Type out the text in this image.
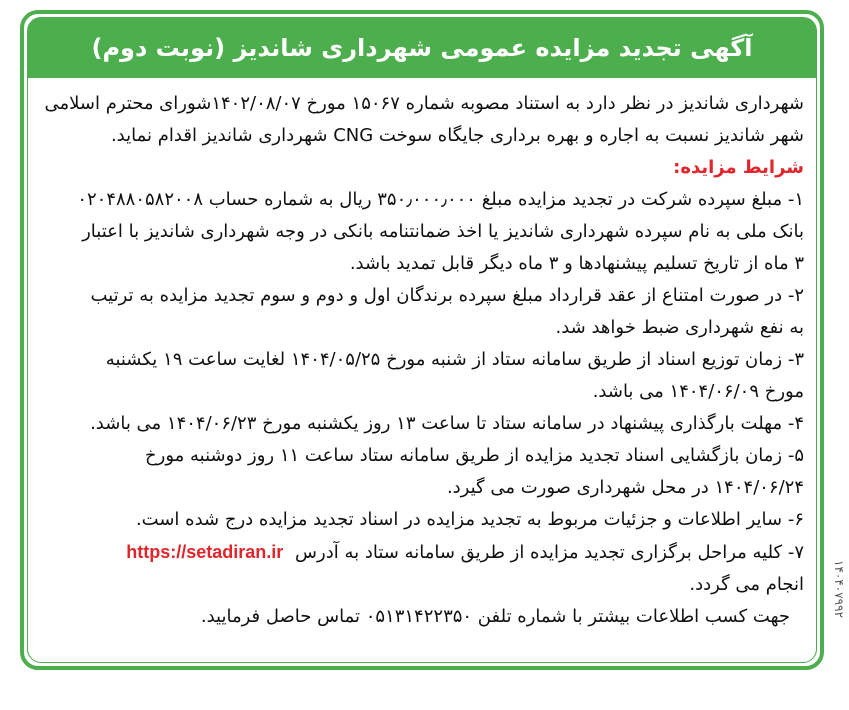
آگهی تجدید مزایده عمومی شهرداری شاندیز (نوبت دوم)
شهرداری شاندیز در نظر دارد به استناد مصوبه شماره ۱۵۰۶۷ مورخ ۱۴۰۲/۰۸/۰۷شورای محترم اسلامی
شهر شاندیز نسبت به اجاره و بهره برداری جایگاه سوخت CNG شهرداری شاندیز اقدام نماید.
شرایط مزایده:
۱- مبلغ سپرده شرکت در تجدید مزایده مبلغ ۳۵۰٫۰۰۰٫۰۰۰ ریال به شماره حساب ۰۲۰۴۸۸۰۵۸۲۰۰۸
بانک ملی به نام سپرده شهرداری شاندیز یا اخذ ضمانتنامه بانکی در وجه شهرداری شاندیز با اعتبار
۳ ماه از تاریخ تسلیم پیشنهادها و ۳ ماه دیگر قابل تمدید باشد.
۲- در صورت امتناع از عقد قرارداد مبلغ سپرده برندگان اول و دوم و سوم تجدید مزایده به ترتیب
به نفع شهرداری ضبط خواهد شد.
۳- زمان توزیع اسناد از طریق سامانه ستاد از شنبه مورخ ۱۴۰۴/۰۵/۲۵ لغایت ساعت ۱۹ یکشنبه
مورخ ۱۴۰۴/۰۶/۰۹ می باشد.
۴- مهلت بارگذاری پیشنهاد در سامانه ستاد تا ساعت ۱۳ روز یکشنبه مورخ ۱۴۰۴/۰۶/۲۳ می باشد.
۵- زمان بازگشایی اسناد تجدید مزایده از طریق سامانه ستاد ساعت ۱۱ روز دوشنبه مورخ
۱۴۰۴/۰۶/۲۴ در محل شهرداری صورت می گیرد.
۶- سایر اطلاعات و جزئیات مربوط به تجدید مزایده در اسناد تجدید مزایده درج شده است.
۷- کلیه مراحل برگزاری تجدید مزایده از طریق سامانه ستاد به آدرس https://setadiran.ir
انجام می گردد.
جهت کسب اطلاعات بیشتر با شماره تلفن ۰۵۱۳۱۴۲۲۳۵۰ تماس حاصل فرمایید.	۱۴۰۴۰۷۹۹۲
